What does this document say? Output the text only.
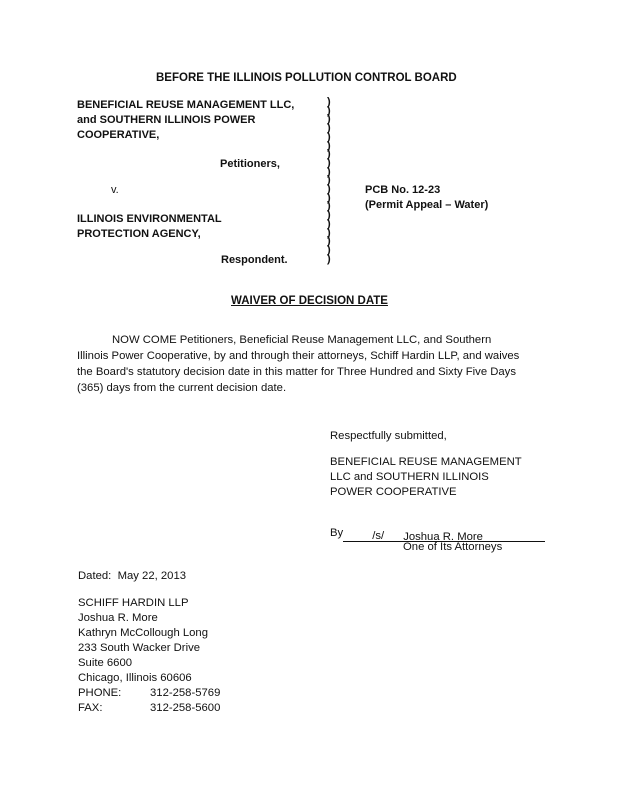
BEFORE THE ILLINOIS POLLUTION CONTROL BOARD
BENEFICIAL REUSE MANAGEMENT LLC,
and SOUTHERN ILLINOIS POWER
COOPERATIVE,
Petitioners,
v.
ILLINOIS ENVIRONMENTAL
PROTECTION AGENCY,
Respondent.
)
)
)
)
)
)
)
)
)
)
)
)
)
)
)
)
)
)
)
PCB No. 12-23
(Permit Appeal – Water)
WAIVER OF DECISION DATE
NOW COME Petitioners, Beneficial Reuse Management LLC, and Southern
Illinois Power Cooperative, by and through their attorneys, Schiff Hardin LLP, and waives
the Board's statutory decision date in this matter for Three Hundred and Sixty Five Days
(365) days from the current decision date.
Respectfully submitted,
BENEFICIAL REUSE MANAGEMENT
LLC and SOUTHERN ILLINOIS
POWER COOPERATIVE
By	/s/ Joshua R. More
One of Its Attorneys
Dated: May 22, 2013
SCHIFF HARDIN LLP
Joshua R. More
Kathryn McCollough Long
233 South Wacker Drive
Suite 6600
Chicago, Illinois 60606
PHONE:	312-258-5769
FAX:	312-258-5600
